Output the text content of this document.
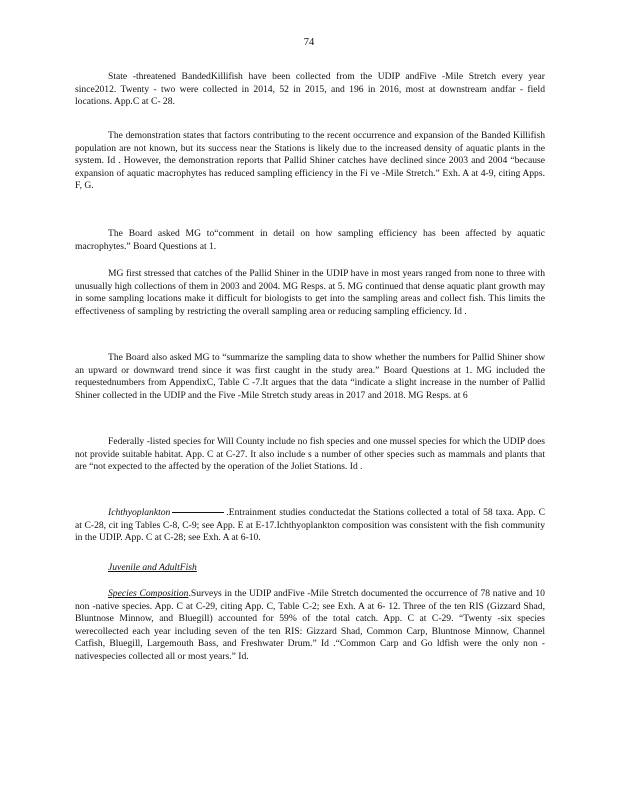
74

State -threatened BandedKillifish have been collected from the UDIP andFive -Mile Stretch every year since2012. Twenty - two were collected in 2014, 52 in 2015, and 196 in 2016, most at downstream andfar - field locations. App.C at C- 28.

The demonstration states that factors contributing to the recent occurrence and expansion of the Banded Killifish population are not known, but its success near the Stations is likely due to the increased density of aquatic plants in the system. Id . However, the demonstration reports that Pallid Shiner catches have declined since 2003 and 2004 “because expansion of aquatic macrophytes has reduced sampling efficiency in the Fi ve -Mile Stretch.” Exh. A at 4-9, citing Apps. F, G.

The Board asked MG to“comment in detail on how sampling efficiency has been affected by aquatic macrophytes.” Board Questions at 1.

MG first stressed that catches of the Pallid Shiner in the UDIP have in most years ranged from none to three with unusually high collections of them in 2003 and 2004. MG Resps. at 5. MG continued that dense aquatic plant growth may in some sampling locations make it difficult for biologists to get into the sampling areas and collect fish. This limits the effectiveness of sampling by restricting the overall sampling area or reducing sampling efficiency. Id .

The Board also asked MG to “summarize the sampling data to show whether the numbers for Pallid Shiner show an upward or downward trend since it was first caught in the study area.” Board Questions at 1. MG included the requestednumbers from AppendixC, Table C -7.It argues that the data “indicate a slight increase in the number of Pallid Shiner collected in the UDIP and the Five -Mile Stretch study areas in 2017 and 2018. MG Resps. at 6

Federally -listed species for Will County include no fish species and one mussel species for which the UDIP does not provide suitable habitat. App. C at C-27. It also include s a number of other species such as mammals and plants that are “not expected to the affected by the operation of the Joliet Stations. Id .

Ichthyoplankton	.Entrainment studies conductedat the Stations collected a total of 58 taxa. App. C at C-28, cit ing Tables C-8, C-9; see App. E at E-17.Ichthyoplankton composition was consistent with the fish community in the UDIP. App. C at C-28; see Exh. A at 6-10.

Juvenile and AdultFish

Species Composition.Surveys in the UDIP andFive -Mile Stretch documented the occurrence of 78 native and 10 non -native species. App. C at C-29, citing App. C, Table C-2; see Exh. A at 6- 12. Three of the ten RIS (Gizzard Shad, Bluntnose Minnow, and Bluegill) accounted for 59% of the total catch. App. C at C-29. “Twenty -six species werecollected each year including seven of the ten RIS: Gizzard Shad, Common Carp, Bluntnose Minnow, Channel Catfish, Bluegill, Largemouth Bass, and Freshwater Drum.” Id .“Common Carp and Go ldfish were the only non -nativespecies collected all or most years.” Id.
